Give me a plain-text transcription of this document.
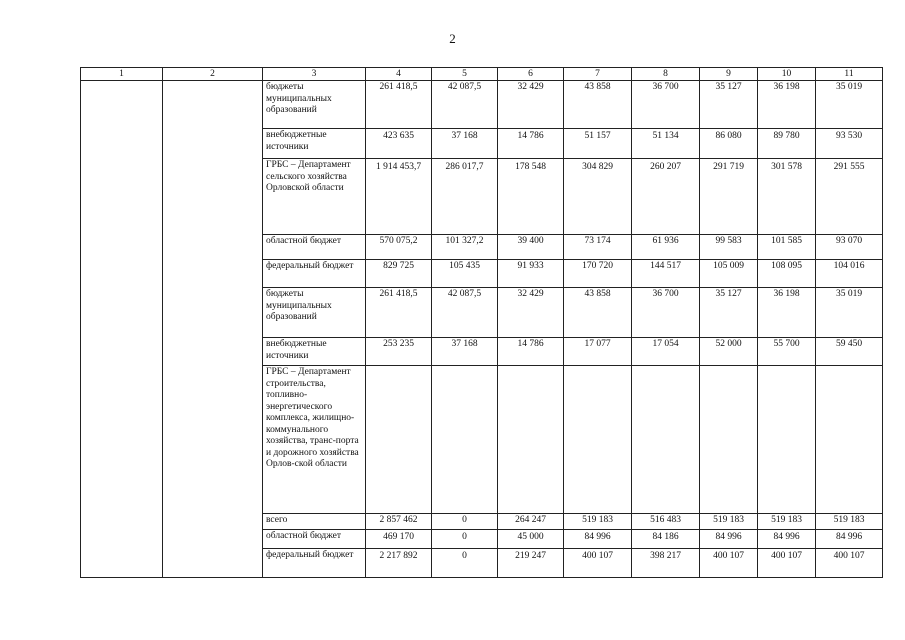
2
1	2	3	4	5	6	7	8	9	10	11
		бюджеты муниципальных образований	261 418,5	42 087,5	32 429	43 858	36 700	35 127	36 198	35 019
		внебюджетные источники	423 635	37 168	14 786	51 157	51 134	86 080	89 780	93 530
		ГРБС – Департамент сельского хозяйства Орловской области	1 914 453,7	286 017,7	178 548	304 829	260 207	291 719	301 578	291 555
		областной бюджет	570 075,2	101 327,2	39 400	73 174	61 936	99 583	101 585	93 070
		федеральный бюджет	829 725	105 435	91 933	170 720	144 517	105 009	108 095	104 016
		бюджеты муниципальных образований	261 418,5	42 087,5	32 429	43 858	36 700	35 127	36 198	35 019
		внебюджетные источники	253 235	37 168	14 786	17 077	17 054	52 000	55 700	59 450
		ГРБС – Департамент строительства, топливно-энергетического комплекса, жилищно-коммунального хозяйства, транс-порта и дорожного хозяйства Орлов-ской области								
		всего	2 857 462	0	264 247	519 183	516 483	519 183	519 183	519 183
		областной бюджет	469 170	0	45 000	84 996	84 186	84 996	84 996	84 996
		федеральный бюджет	2 217 892	0	219 247	400 107	398 217	400 107	400 107	400 107
